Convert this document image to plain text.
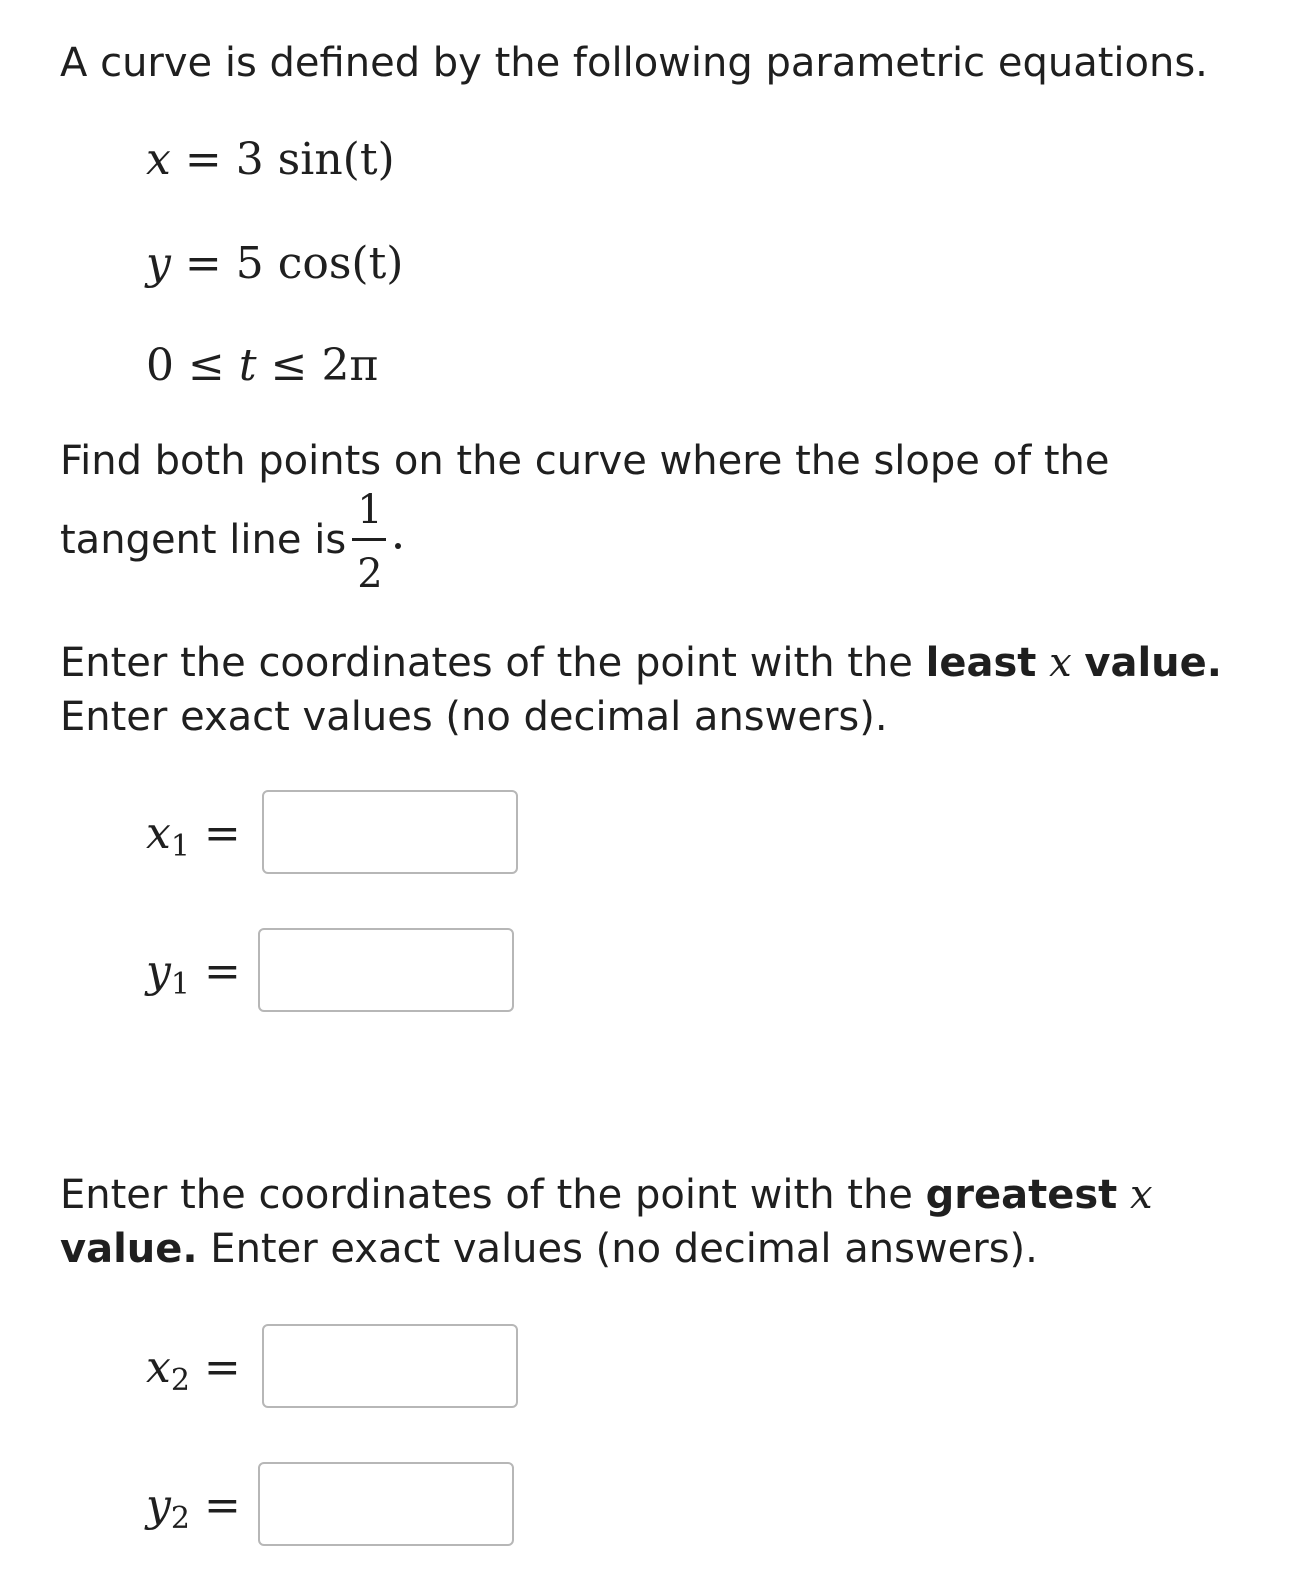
A curve is defined by the following parametric equations.
x = 3 sin(t)
y = 5 cos(t)
0 ≤ t ≤ 2π
Find both points on the curve where the slope of the
tangent line is
1
2
Enter the coordinates of the point with the least x value.
Enter exact values (no decimal answers).
$x_1$ =
$y_1$ =
Enter the coordinates of the point with the greatest x
value. Enter exact values (no decimal answers).
$x_2$ =
$y_2$ =
